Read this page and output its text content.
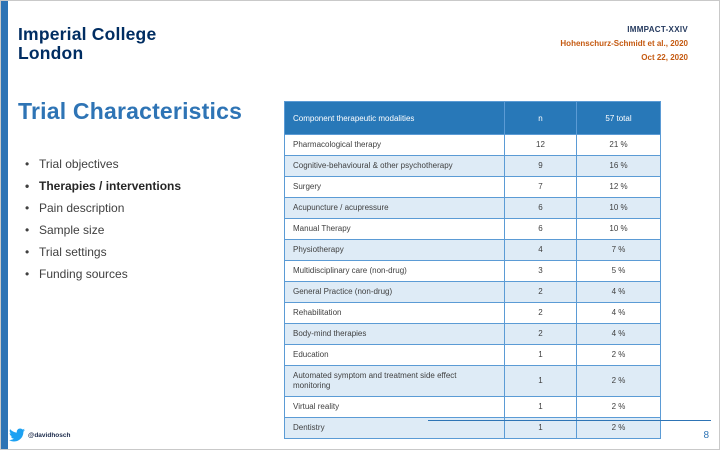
Imperial College
London
IMMPACT-XXIV
Hohenschurz-Schmidt et al., 2020
Oct 22, 2020
Trial Characteristics
• Trial objectives
• Therapies / interventions
• Pain description
• Sample size
• Trial settings
• Funding sources
Component therapeutic modalities	n	57 total
Pharmacological therapy	12	21 %
Cognitive-behavioural & other psychotherapy	9	16 %
Surgery	7	12 %
Acupuncture / acupressure	6	10 %
Manual Therapy	6	10 %
Physiotherapy	4	7 %
Multidisciplinary care (non-drug)	3	5 %
General Practice (non-drug)	2	4 %
Rehabilitation	2	4 %
Body-mind therapies	2	4 %
Education	1	2 %
Automated symptom and treatment side effect monitoring	1	2 %
Virtual reality	1	2 %
Dentistry	1	2 %
@davidhosch	8
